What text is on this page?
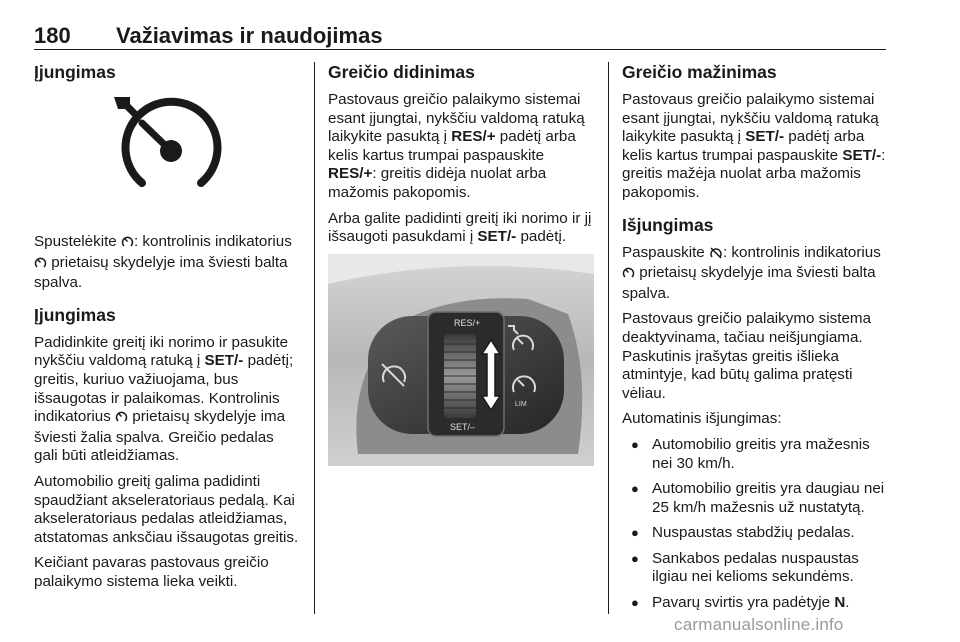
180 Važiavimas ir naudojimas
Įjungimas

Spustelėkite : kontrolinis indikatorius  prietaisų skydelyje ima šviesti balta spalva.

Įjungimas

Padidinkite greitį iki norimo ir pasukite nykščiu valdomą ratuką į SET/- padėtį; greitis, kuriuo važiuojama, bus išsaugotas ir palaikomas. Kontrolinis indikatorius  prietaisų skydelyje ima šviesti žalia spalva. Greičio pedalas gali būti atleidžiamas.

Automobilio greitį galima padidinti spaudžiant akseleratoriaus pedalą. Kai akseleratoriaus pedalas atleidžiamas, atstatomas anksčiau išsaugotas greitis.

Keičiant pavaras pastovaus greičio palaikymo sistema lieka veikti.

Greičio didinimas

Pastovaus greičio palaikymo sistemai esant įjungtai, nykščiu valdomą ratuką laikykite pasuktą į RES/+ padėtį arba kelis kartus trumpai paspauskite RES/+: greitis didėja nuolat arba mažomis pakopomis.

Arba galite padidinti greitį iki norimo ir jį išsaugoti pasukdami į SET/- padėtį.

RES/+
SET/–
LIM
Greičio mažinimas

Pastovaus greičio palaikymo sistemai esant įjungtai, nykščiu valdomą ratuką laikykite pasuktą į SET/- padėtį arba kelis kartus trumpai paspauskite SET/-: greitis mažėja nuolat arba mažomis pakopomis.

Išjungimas

Paspauskite : kontrolinis indikatorius  prietaisų skydelyje ima šviesti balta spalva.

Pastovaus greičio palaikymo sistema deaktyvinama, tačiau neišjungiama. Paskutinis įrašytas greitis išlieka atmintyje, kad būtų galima pratęsti vėliau.

Automatinis išjungimas:

● Automobilio greitis yra mažesnis nei 30 km/h.
● Automobilio greitis yra daugiau nei 25 km/h mažesnis už nustatytą.
● Nuspaustas stabdžių pedalas.
● Sankabos pedalas nuspaustas ilgiau nei kelioms sekundėms.
● Pavarų svirtis yra padėtyje N.
carmanualsonline.info
